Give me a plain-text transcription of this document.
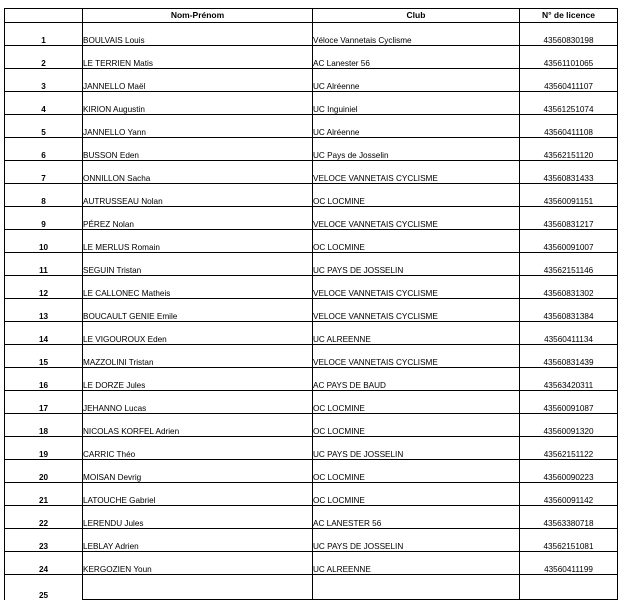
	Nom-Prénom	Club	N° de licence
1	BOULVAIS Louis	Véloce Vannetais Cyclisme	43560830198
2	LE TERRIEN Matis	AC Lanester 56	43561101065
3	JANNELLO Maël	UC Alréenne	43560411107
4	KIRION Augustin	UC Inguiniel	43561251074
5	JANNELLO Yann	UC Alréenne	43560411108
6	BUSSON Eden	UC Pays de Josselin	43562151120
7	ONNILLON Sacha	VELOCE VANNETAIS CYCLISME	43560831433
8	AUTRUSSEAU Nolan	OC LOCMINE	43560091151
9	PÉREZ Nolan	VELOCE VANNETAIS CYCLISME	43560831217
10	LE MERLUS Romain	OC LOCMINE	43560091007
11	SEGUIN Tristan	UC PAYS DE JOSSELIN	43562151146
12	LE CALLONEC Matheis	VELOCE VANNETAIS CYCLISME	43560831302
13	BOUCAULT GENIE Emile	VELOCE VANNETAIS CYCLISME	43560831384
14	LE VIGOUROUX Eden	UC ALREENNE	43560411134
15	MAZZOLINI Tristan	VELOCE VANNETAIS CYCLISME	43560831439
16	LE DORZE Jules	AC PAYS DE BAUD	43563420311
17	JEHANNO Lucas	OC LOCMINE	43560091087
18	NICOLAS KORFEL Adrien	OC LOCMINE	43560091320
19	CARRIC Théo	UC PAYS DE JOSSELIN	43562151122
20	MOISAN Devrig	OC LOCMINE	43560090223
21	LATOUCHE Gabriel	OC LOCMINE	43560091142
22	LERENDU Jules	AC LANESTER 56	43563380718
23	LEBLAY Adrien	UC PAYS DE JOSSELIN	43562151081
24	KERGOZIEN Youn	UC ALREENNE	43560411199
25			
